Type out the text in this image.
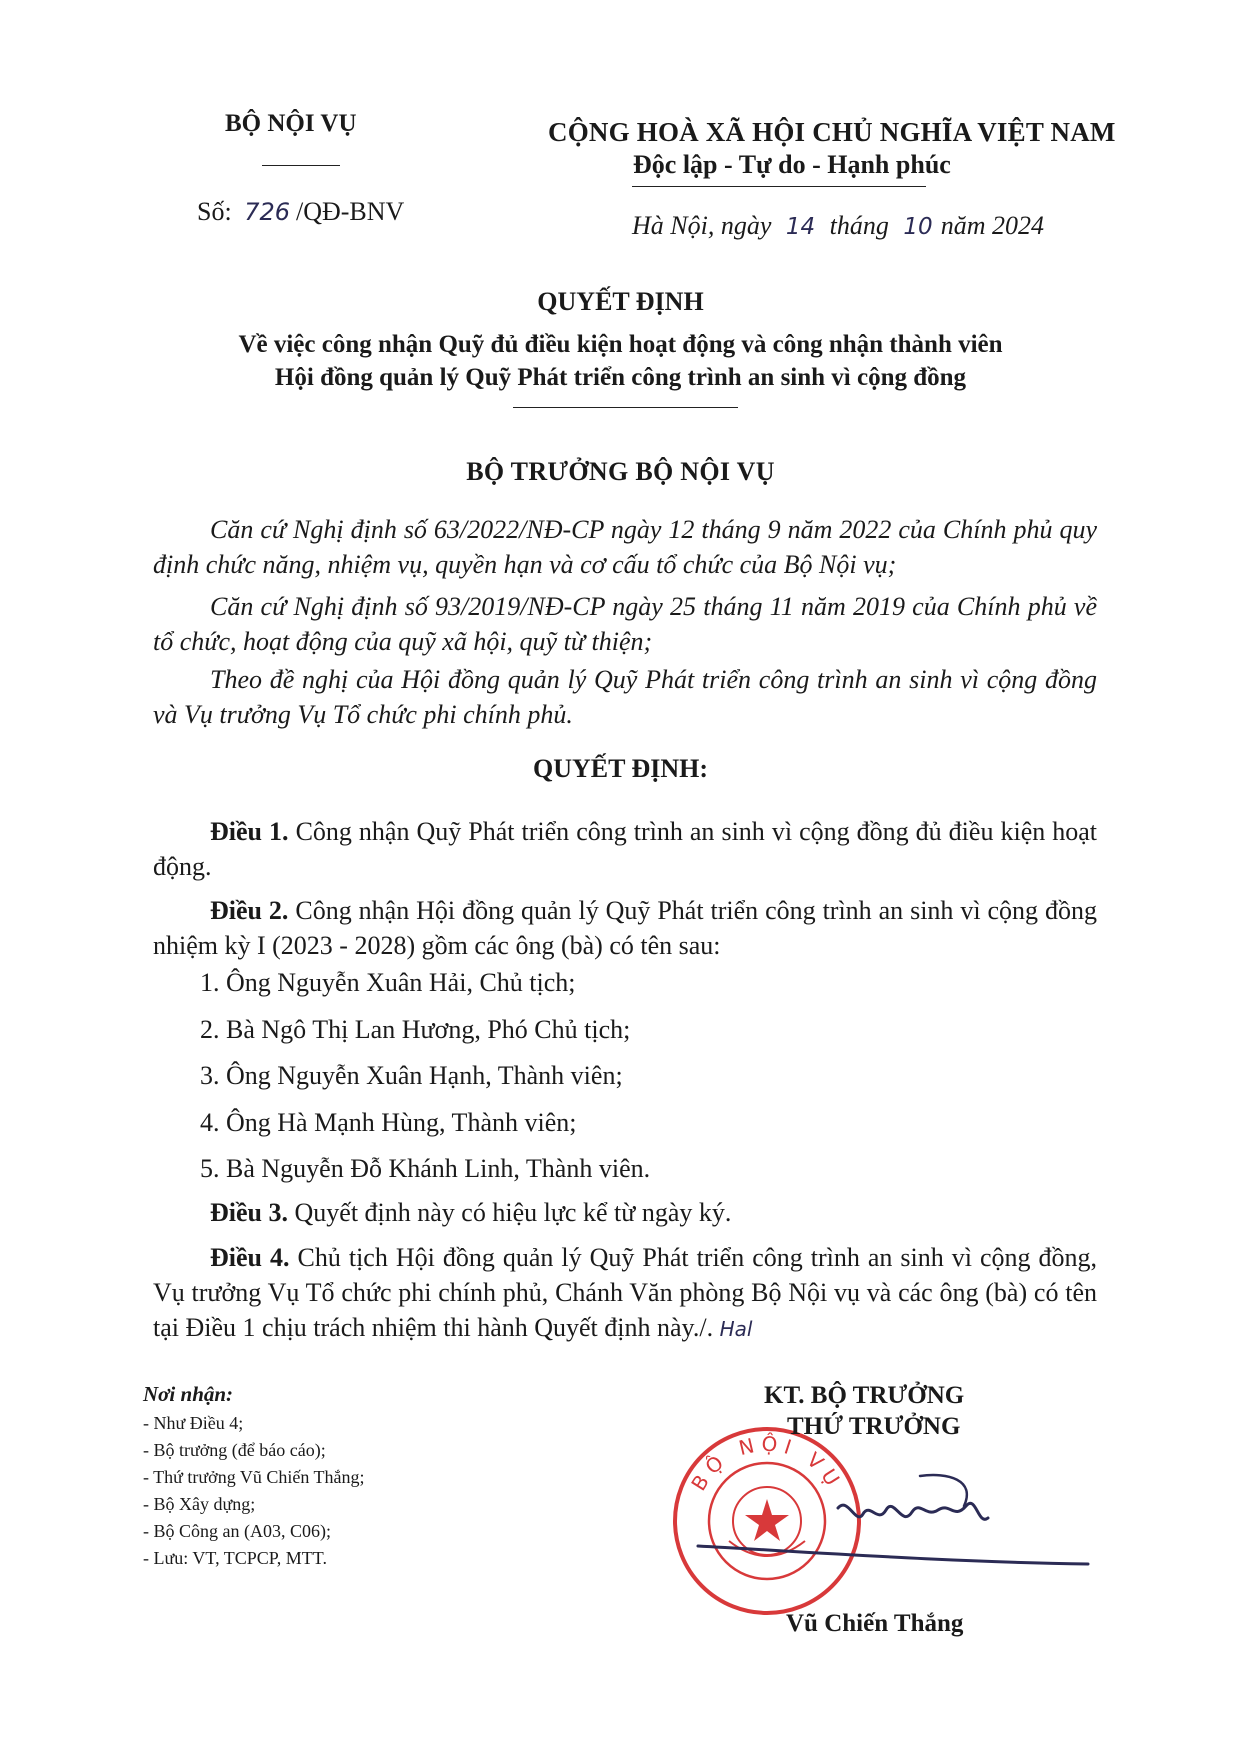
BỘ NỘI VỤ
Số: 726 /QĐ-BNV
CỘNG HOÀ XÃ HỘI CHỦ NGHĨA VIỆT NAM
Độc lập - Tự do - Hạnh phúc
Hà Nội, ngày 14 tháng 10 năm 2024
QUYẾT ĐỊNH
Về việc công nhận Quỹ đủ điều kiện hoạt động và công nhận thành viên
Hội đồng quản lý Quỹ Phát triển công trình an sinh vì cộng đồng
BỘ TRƯỞNG BỘ NỘI VỤ
Căn cứ Nghị định số 63/2022/NĐ-CP ngày 12 tháng 9 năm 2022 của Chính phủ quy định chức năng, nhiệm vụ, quyền hạn và cơ cấu tổ chức của Bộ Nội vụ;
Căn cứ Nghị định số 93/2019/NĐ-CP ngày 25 tháng 11 năm 2019 của Chính phủ về tổ chức, hoạt động của quỹ xã hội, quỹ từ thiện;
Theo đề nghị của Hội đồng quản lý Quỹ Phát triển công trình an sinh vì cộng đồng và Vụ trưởng Vụ Tổ chức phi chính phủ.
QUYẾT ĐỊNH:
Điều 1. Công nhận Quỹ Phát triển công trình an sinh vì cộng đồng đủ điều kiện hoạt động.
Điều 2. Công nhận Hội đồng quản lý Quỹ Phát triển công trình an sinh vì cộng đồng nhiệm kỳ I (2023 - 2028) gồm các ông (bà) có tên sau:
1. Ông Nguyễn Xuân Hải, Chủ tịch;
2. Bà Ngô Thị Lan Hương, Phó Chủ tịch;
3. Ông Nguyễn Xuân Hạnh, Thành viên;
4. Ông Hà Mạnh Hùng, Thành viên;
5. Bà Nguyễn Đỗ Khánh Linh, Thành viên.
Điều 3. Quyết định này có hiệu lực kể từ ngày ký.
Điều 4. Chủ tịch Hội đồng quản lý Quỹ Phát triển công trình an sinh vì cộng đồng, Vụ trưởng Vụ Tổ chức phi chính phủ, Chánh Văn phòng Bộ Nội vụ và các ông (bà) có tên tại Điều 1 chịu trách nhiệm thi hành Quyết định này./. Hal
Nơi nhận:
- Như Điều 4;
- Bộ trưởng (để báo cáo);
- Thứ trưởng Vũ Chiến Thắng;
- Bộ Xây dựng;
- Bộ Công an (A03, C06);
- Lưu: VT, TCPCP, MTT.
BỘ NỘI VỤ
KT. BỘ TRƯỞNG
THỨ TRƯỞNG
Vũ Chiến Thắng
